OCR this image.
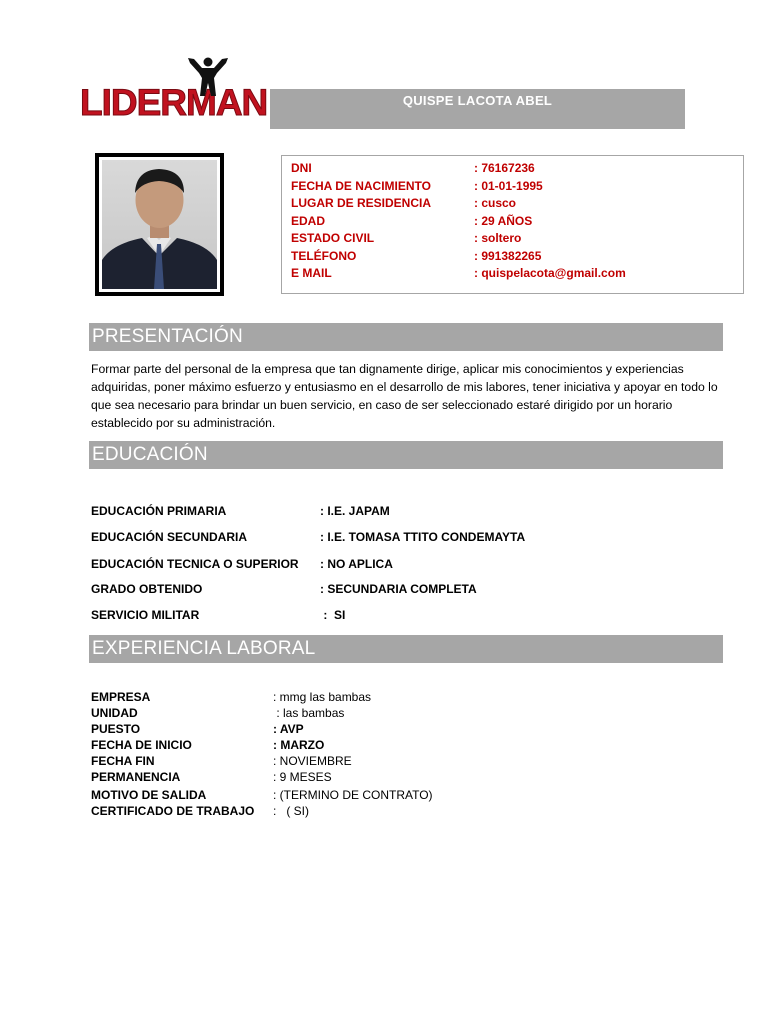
LIDERMAN	QUISPE LACOTA ABEL
DNI	: 76167236
FECHA DE NACIMIENTO	: 01-01-1995
LUGAR DE RESIDENCIA	: cusco
EDAD	: 29 AÑOS
ESTADO CIVIL	: soltero
TELÉFONO	: 991382265
E MAIL	: quispelacota@gmail.com
PRESENTACIÓN
Formar parte del personal de la empresa que tan dignamente dirige, aplicar mis conocimientos y experiencias adquiridas, poner máximo esfuerzo y entusiasmo en el desarrollo de mis labores, tener iniciativa y apoyar en todo lo que sea necesario para brindar un buen servicio, en caso de ser seleccionado estaré dirigido por un horario establecido por su administración.
EDUCACIÓN
EDUCACIÓN PRIMARIA	: I.E. JAPAM
EDUCACIÓN SECUNDARIA	: I.E. TOMASA TTITO CONDEMAYTA
EDUCACIÓN TECNICA O SUPERIOR : NO APLICA
GRADO OBTENIDO	: SECUNDARIA COMPLETA
SERVICIO MILITAR	:  SI
EXPERIENCIA LABORAL
EMPRESA	: mmg las bambas
UNIDAD	: las bambas
PUESTO	: AVP
FECHA DE INICIO	: MARZO
FECHA FIN	: NOVIEMBRE
PERMANENCIA	: 9 MESES
MOTIVO DE SALIDA	: (TERMINO DE CONTRATO)
CERTIFICADO DE TRABAJO :   ( SI)
